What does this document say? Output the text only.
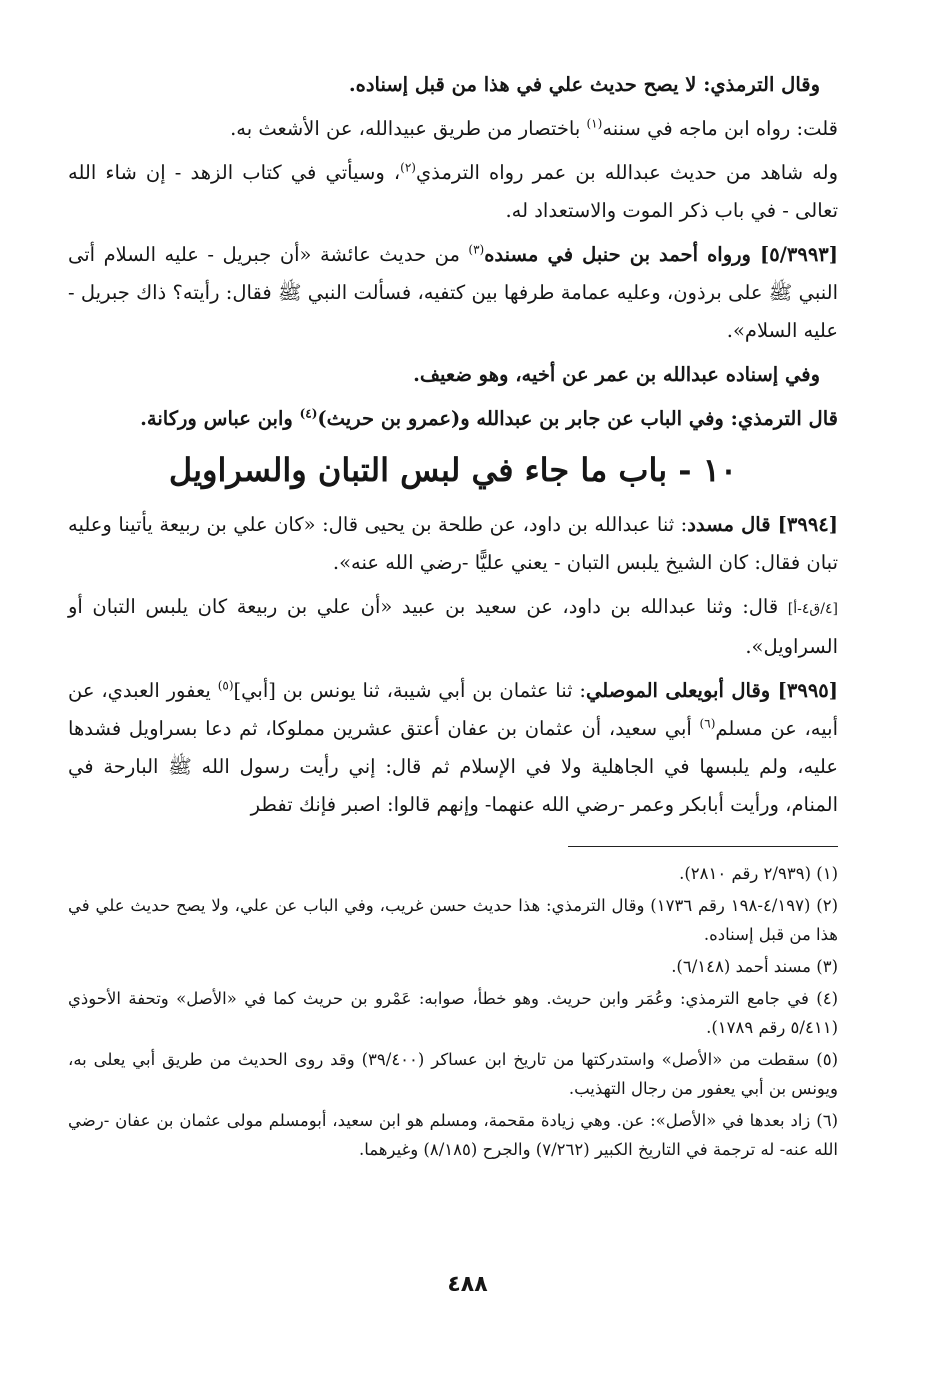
وقال الترمذي: لا يصح حديث علي في هذا من قبل إسناده.

قلت: رواه ابن ماجه في سننه$^{(١)}$ باختصار من طريق عبيدالله، عن الأشعث به.

وله شاهد من حديث عبدالله بن عمر رواه الترمذي$^{(٢)}$، وسيأتي في كتاب الزهد - إن شاء الله تعالى - في باب ذكر الموت والاستعداد له.

[٥/٣٩٩٣] ورواه أحمد بن حنبل في مسنده$^{(٣)}$ من حديث عائشة «أن جبريل - عليه السلام أتى النبي ﷺ على برذون، وعليه عمامة طرفها بين كتفيه، فسألت النبي ﷺ فقال: رأيته؟ ذاك جبريل - عليه السلام».

وفي إسناده عبدالله بن عمر عن أخيه، وهو ضعيف.

قال الترمذي: وفي الباب عن جابر بن عبدالله و(عمرو بن حريث)$^{(٤)}$ وابن عباس وركانة.

١٠ - باب ما جاء في لبس التبان والسراويل

[٣٩٩٤] قال مسدد: ثنا عبدالله بن داود، عن طلحة بن يحيى قال: «كان علي بن ربيعة يأتينا وعليه تبان فقال: كان الشيخ يلبس التبان - يعني عليًّا -رضي الله عنه».

[٤/ق٤-أ] قال: وثنا عبدالله بن داود، عن سعيد بن عبيد «أن علي بن ربيعة كان يلبس التبان أو السراويل».

[٣٩٩٥] وقال أبويعلى الموصلي: ثنا عثمان بن أبي شيبة، ثنا يونس بن [أبي]$^{(٥)}$ يعفور العبدي، عن أبيه، عن مسلم$^{(٦)}$ أبي سعيد، أن عثمان بن عفان أعتق عشرين مملوكا، ثم دعا بسراويل فشدها عليه، ولم يلبسها في الجاهلية ولا في الإسلام ثم قال: إني رأيت رسول الله ﷺ البارحة في المنام، ورأيت أبابكر وعمر -رضي الله عنهما- وإنهم قالوا: اصبر فإنك تفطر

(١) (٢/٩٣٩ رقم ٢٨١٠).

(٢) (٤/١٩٧-١٩٨ رقم ١٧٣٦) وقال الترمذي: هذا حديث حسن غريب، وفي الباب عن علي، ولا يصح حديث علي في هذا من قبل إسناده.

(٣) مسند أحمد (٦/١٤٨).

(٤) في جامع الترمذي: وعُمَر وابن حريث. وهو خطأ، صوابه: عَمْرو بن حريث كما في «الأصل» وتحفة الأحوذي (٥/٤١١ رقم ١٧٨٩).

(٥) سقطت من «الأصل» واستدركتها من تاريخ ابن عساكر (٣٩/٤٠٠) وقد روى الحديث من طريق أبي يعلى به، ويونس بن أبي يعفور من رجال التهذيب.

(٦) زاد بعدها في «الأصل»: عن. وهي زيادة مقحمة، ومسلم هو ابن سعيد، أبومسلم مولى عثمان بن عفان -رضي الله عنه- له ترجمة في التاريخ الكبير (٧/٢٦٢) والجرح (٨/١٨٥) وغيرهما.

٤٨٨
